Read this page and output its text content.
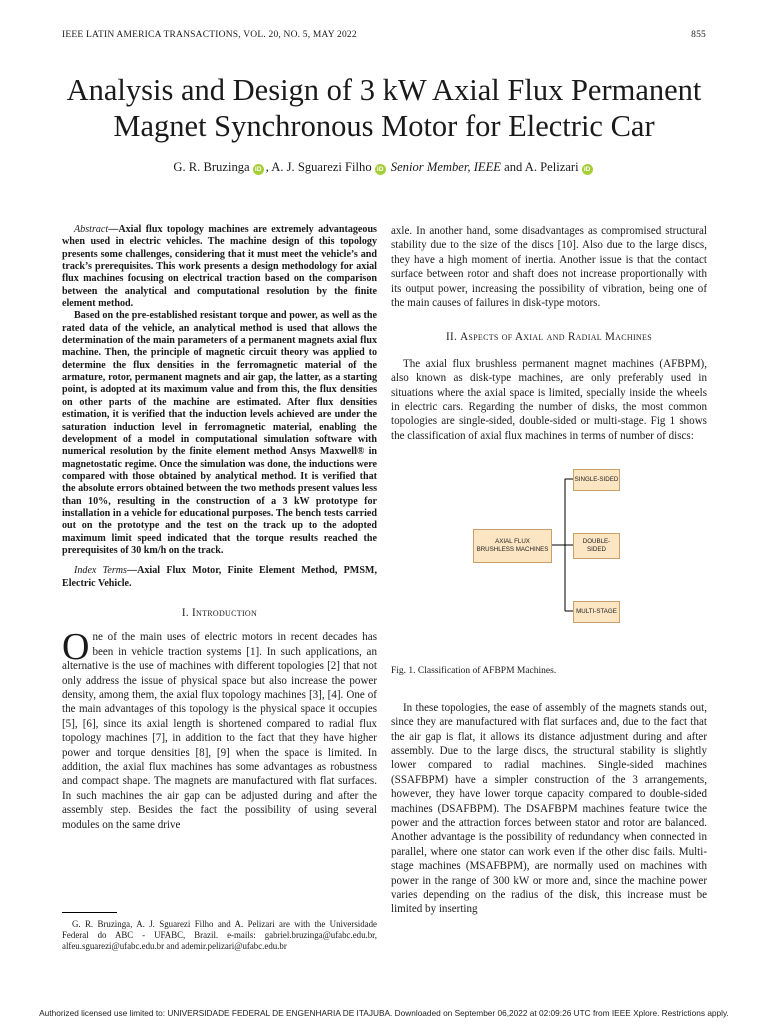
IEEE LATIN AMERICA TRANSACTIONS, VOL. 20, NO. 5, MAY 2022	855
Analysis and Design of 3 kW Axial Flux Permanent
Magnet Synchronous Motor for Electric Car
G. R. Bruzinga iD , A. J. Sguarezi Filho iD Senior Member, IEEE and A. Pelizari iD

Abstract—Axial flux topology machines are extremely advantageous when used in electric vehicles. The machine design of this topology presents some challenges, considering that it must meet the vehicle’s and track’s prerequisites. This work presents a design methodology for axial flux machines focusing on electrical traction based on the comparison between the analytical and computational resolution by the finite element method.

Based on the pre-established resistant torque and power, as well as the rated data of the vehicle, an analytical method is used that allows the determination of the main parameters of a permanent magnets axial flux machine. Then, the principle of magnetic circuit theory was applied to determine the flux densities in the ferromagnetic material of the armature, rotor, permanent magnets and air gap, the latter, as a starting point, is adopted at its maximum value and from this, the flux densities on other parts of the machine are estimated. After flux densities estimation, it is verified that the induction levels achieved are under the saturation induction level in ferromagnetic material, enabling the development of a model in computational simulation software with numerical resolution by the finite element method Ansys Maxwell® in magnetostatic regime. Once the simulation was done, the inductions were compared with those obtained by analytical method. It is verified that the absolute errors obtained between the two methods present values less than 10%, resulting in the construction of a 3 kW prototype for installation in a vehicle for educational purposes. The bench tests carried out on the prototype and the test on the track up to the adopted maximum limit speed indicated that the torque results reached the prerequisites of 30 km/h on the track.

Index Terms—Axial Flux Motor, Finite Element Method, PMSM, Electric Vehicle.

I. Introduction

One of the main uses of electric motors in recent decades has been in vehicle traction systems [1]. In such applications, an alternative is the use of machines with different topologies [2] that not only address the issue of physical space but also increase the power density, among them, the axial flux topology machines [3], [4]. One of the main advantages of this topology is the physical space it occupies [5], [6], since its axial length is shortened compared to radial flux topology machines [7], in addition to the fact that they have higher power and torque densities [8], [9] when the space is limited. In addition, the axial flux machines has some advantages as robustness and compact shape. The magnets are manufactured with flat surfaces. In such machines the air gap can be adjusted during and after the assembly step. Besides the fact the possibility of using several modules on the same drive

G. R. Bruzinga, A. J. Sguarezi Filho and A. Pelizari are with the Universidade Federal do ABC - UFABC, Brazil. e-mails: gabriel.bruzinga@ufabc.edu.br, alfeu.sguarezi@ufabc.edu.br and ademir.pelizari@ufabc.edu.br

axle. In another hand, some disadvantages as compromised structural stability due to the size of the discs [10]. Also due to the large discs, they have a high moment of inertia. Another issue is that the contact surface between rotor and shaft does not increase proportionally with its output power, increasing the possibility of vibration, being one of the main causes of failures in disk-type motors.

II. Aspects of Axial and Radial Machines

The axial flux brushless permanent magnet machines (AFBPM), also known as disk-type machines, are only preferably used in situations where the axial space is limited, specially inside the wheels in electric cars. Regarding the number of disks, the most common topologies are single-sided, double-sided or multi-stage. Fig 1 shows the classification of axial flux machines in terms of number of discs:

AXIAL FLUX
BRUSHLESS MACHINES
SINGLE-SIDED
DOUBLE-SIDED
MULTI-STAGE

Fig. 1. Classification of AFBPM Machines.

In these topologies, the ease of assembly of the magnets stands out, since they are manufactured with flat surfaces and, due to the fact that the air gap is flat, it allows its distance adjustment during and after assembly. Due to the large discs, the structural stability is slightly lower compared to radial machines. Single-sided machines (SSAFBPM) have a simpler construction of the 3 arrangements, however, they have lower torque capacity compared to double-sided machines (DSAFBPM). The DSAFBPM machines feature twice the power and the attraction forces between stator and rotor are balanced. Another advantage is the possibility of redundancy when connected in parallel, where one stator can work even if the other disc fails. Multi-stage machines (MSAFBPM), are normally used on machines with power in the range of 300 kW or more and, since the machine power varies depending on the radius of the disk, this increase must be limited by inserting

Authorized licensed use limited to: UNIVERSIDADE FEDERAL DE ENGENHARIA DE ITAJUBA. Downloaded on September 06,2022 at 02:09:26 UTC from IEEE Xplore. Restrictions apply.
